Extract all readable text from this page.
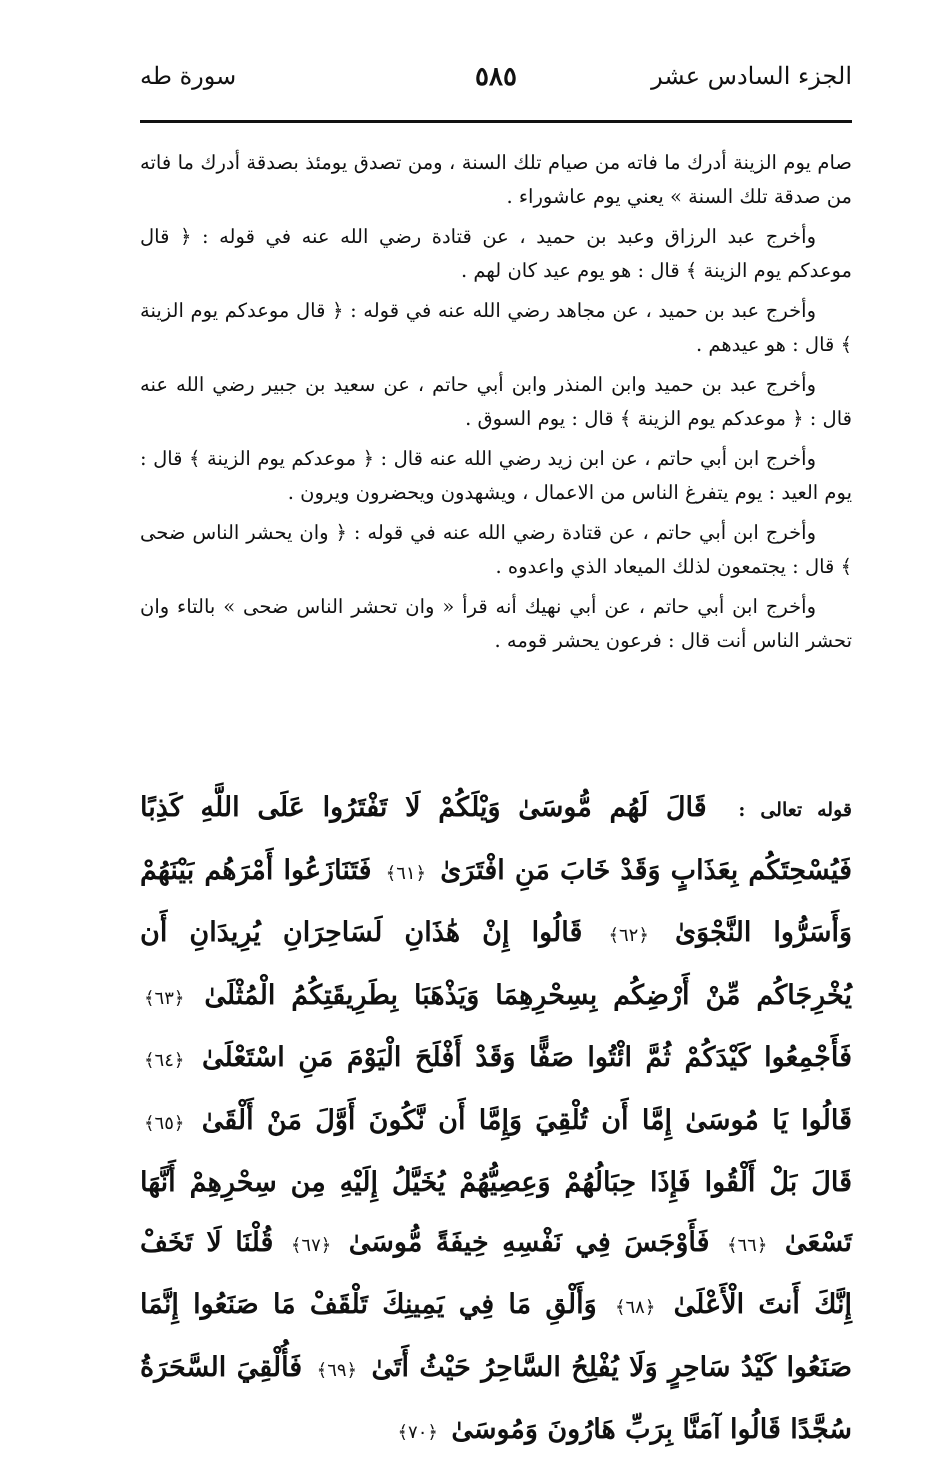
الجزء السادس عشر
٥٨٥
سورة طه

صام يوم الزينة أدرك ما فاته من صيام تلك السنة ، ومن تصدق يومئذ بصدقة أدرك ما فاته من صدقة تلك السنة » يعني يوم عاشوراء .

وأخرج عبد الرزاق وعبد بن حميد ، عن قتادة رضي الله عنه في قوله : ﴿ قال موعدكم يوم الزينة ﴾ قال : هو يوم عيد كان لهم .

وأخرج عبد بن حميد ، عن مجاهد رضي الله عنه في قوله : ﴿ قال موعدكم يوم الزينة ﴾ قال : هو عيدهم .

وأخرج عبد بن حميد وابن المنذر وابن أبي حاتم ، عن سعيد بن جبير رضي الله عنه قال : ﴿ موعدكم يوم الزينة ﴾ قال : يوم السوق .

وأخرج ابن أبي حاتم ، عن ابن زيد رضي الله عنه قال : ﴿ موعدكم يوم الزينة ﴾ قال : يوم العيد : يوم يتفرغ الناس من الاعمال ، ويشهدون ويحضرون ويرون .

وأخرج ابن أبي حاتم ، عن قتادة رضي الله عنه في قوله : ﴿ وان يحشر الناس ضحى ﴾ قال : يجتمعون لذلك الميعاد الذي واعدوه .

وأخرج ابن أبي حاتم ، عن أبي نهيك أنه قرأ « وان تحشر الناس ضحى » بالتاء وان تحشر الناس أنت قال : فرعون يحشر قومه .

قوله تعالى : قَالَ لَهُم مُّوسَىٰ وَيْلَكُمْ لَا تَفْتَرُوا عَلَى اللَّهِ كَذِبًا فَيُسْحِتَكُم بِعَذَابٍ وَقَدْ خَابَ مَنِ افْتَرَىٰ ﴿٦١﴾ فَتَنَازَعُوا أَمْرَهُم بَيْنَهُمْ وَأَسَرُّوا النَّجْوَىٰ ﴿٦٢﴾ قَالُوا إِنْ هَٰذَانِ لَسَاحِرَانِ يُرِيدَانِ أَن يُخْرِجَاكُم مِّنْ أَرْضِكُم بِسِحْرِهِمَا وَيَذْهَبَا بِطَرِيقَتِكُمُ الْمُثْلَىٰ ﴿٦٣﴾ فَأَجْمِعُوا كَيْدَكُمْ ثُمَّ ائْتُوا صَفًّا وَقَدْ أَفْلَحَ الْيَوْمَ مَنِ اسْتَعْلَىٰ ﴿٦٤﴾ قَالُوا يَا مُوسَىٰ إِمَّا أَن تُلْقِيَ وَإِمَّا أَن نَّكُونَ أَوَّلَ مَنْ أَلْقَىٰ ﴿٦٥﴾ قَالَ بَلْ أَلْقُوا فَإِذَا حِبَالُهُمْ وَعِصِيُّهُمْ يُخَيَّلُ إِلَيْهِ مِن سِحْرِهِمْ أَنَّهَا تَسْعَىٰ ﴿٦٦﴾ فَأَوْجَسَ فِي نَفْسِهِ خِيفَةً مُّوسَىٰ ﴿٦٧﴾ قُلْنَا لَا تَخَفْ إِنَّكَ أَنتَ الْأَعْلَىٰ ﴿٦٨﴾ وَأَلْقِ مَا فِي يَمِينِكَ تَلْقَفْ مَا صَنَعُوا إِنَّمَا صَنَعُوا كَيْدُ سَاحِرٍ وَلَا يُفْلِحُ السَّاحِرُ حَيْثُ أَتَىٰ ﴿٦٩﴾ فَأُلْقِيَ السَّحَرَةُ سُجَّدًا قَالُوا آمَنَّا بِرَبِّ هَارُونَ وَمُوسَىٰ ﴿٧٠﴾
